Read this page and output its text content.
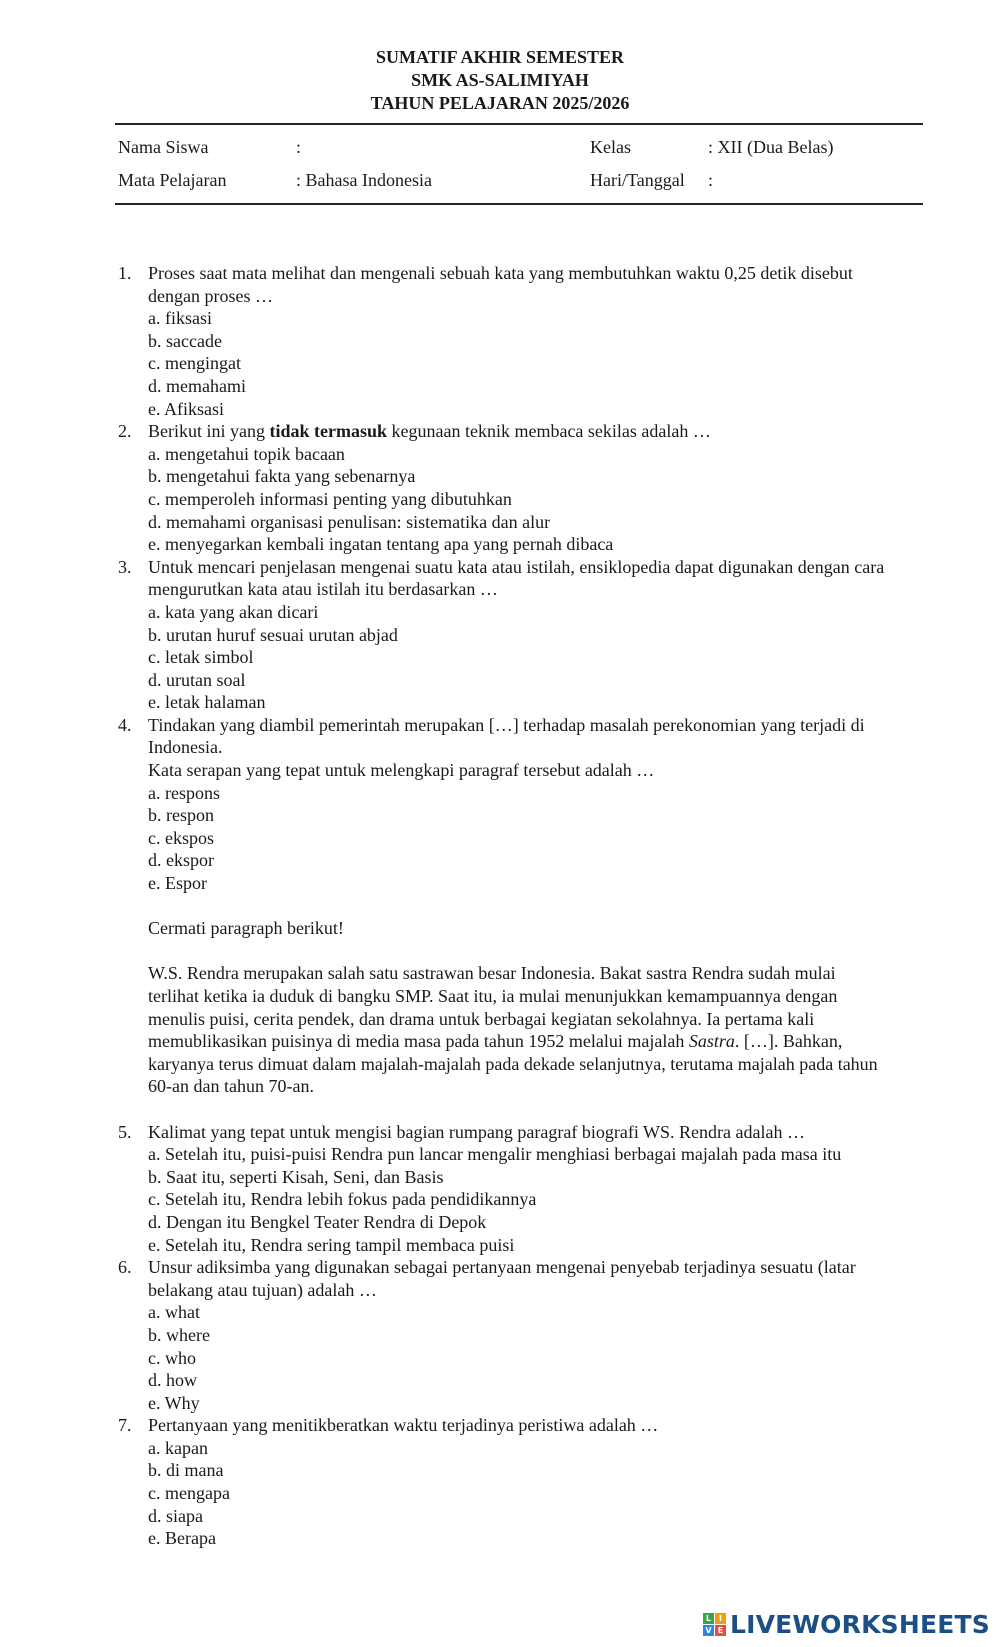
SUMATIF AKHIR SEMESTER
SMK AS-SALIMIYAH
TAHUN PELAJARAN 2025/2026
Nama Siswa	:	Kelas	: XII (Dua Belas)
Mata Pelajaran	: Bahasa Indonesia	Hari/Tanggal :
1. Proses saat mata melihat dan mengenali sebuah kata yang membutuhkan waktu 0,25 detik disebut dengan proses …
a. fiksasi
b. saccade
c. mengingat
d. memahami
e. Afiksasi
2. Berikut ini yang tidak termasuk kegunaan teknik membaca sekilas adalah …
a. mengetahui topik bacaan
b. mengetahui fakta yang sebenarnya
c. memperoleh informasi penting yang dibutuhkan
d. memahami organisasi penulisan: sistematika dan alur
e. menyegarkan kembali ingatan tentang apa yang pernah dibaca
3. Untuk mencari penjelasan mengenai suatu kata atau istilah, ensiklopedia dapat digunakan dengan cara mengurutkan kata atau istilah itu berdasarkan …
a. kata yang akan dicari
b. urutan huruf sesuai urutan abjad
c. letak simbol
d. urutan soal
e. letak halaman
4. Tindakan yang diambil pemerintah merupakan […] terhadap masalah perekonomian yang terjadi di Indonesia.
Kata serapan yang tepat untuk melengkapi paragraf tersebut adalah …
a. respons
b. respon
c. ekspos
d. ekspor
e. Espor
Cermati paragraph berikut!
W.S. Rendra merupakan salah satu sastrawan besar Indonesia. Bakat sastra Rendra sudah mulai terlihat ketika ia duduk di bangku SMP. Saat itu, ia mulai menunjukkan kemampuannya dengan menulis puisi, cerita pendek, dan drama untuk berbagai kegiatan sekolahnya. Ia pertama kali memublikasikan puisinya di media masa pada tahun 1952 melalui majalah Sastra. […]. Bahkan, karyanya terus dimuat dalam majalah-majalah pada dekade selanjutnya, terutama majalah pada tahun 60-an dan tahun 70-an.
5. Kalimat yang tepat untuk mengisi bagian rumpang paragraf biografi WS. Rendra adalah …
a. Setelah itu, puisi-puisi Rendra pun lancar mengalir menghiasi berbagai majalah pada masa itu
b. Saat itu, seperti Kisah, Seni, dan Basis
c. Setelah itu, Rendra lebih fokus pada pendidikannya
d. Dengan itu Bengkel Teater Rendra di Depok
e. Setelah itu, Rendra sering tampil membaca puisi
6. Unsur adiksimba yang digunakan sebagai pertanyaan mengenai penyebab terjadinya sesuatu (latar belakang atau tujuan) adalah …
a. what
b. where
c. who
d. how
e. Why
7. Pertanyaan yang menitikberatkan waktu terjadinya peristiwa adalah …
a. kapan
b. di mana
c. mengapa
d. siapa
e. Berapa
L I
V E LIVEWORKSHEETS
